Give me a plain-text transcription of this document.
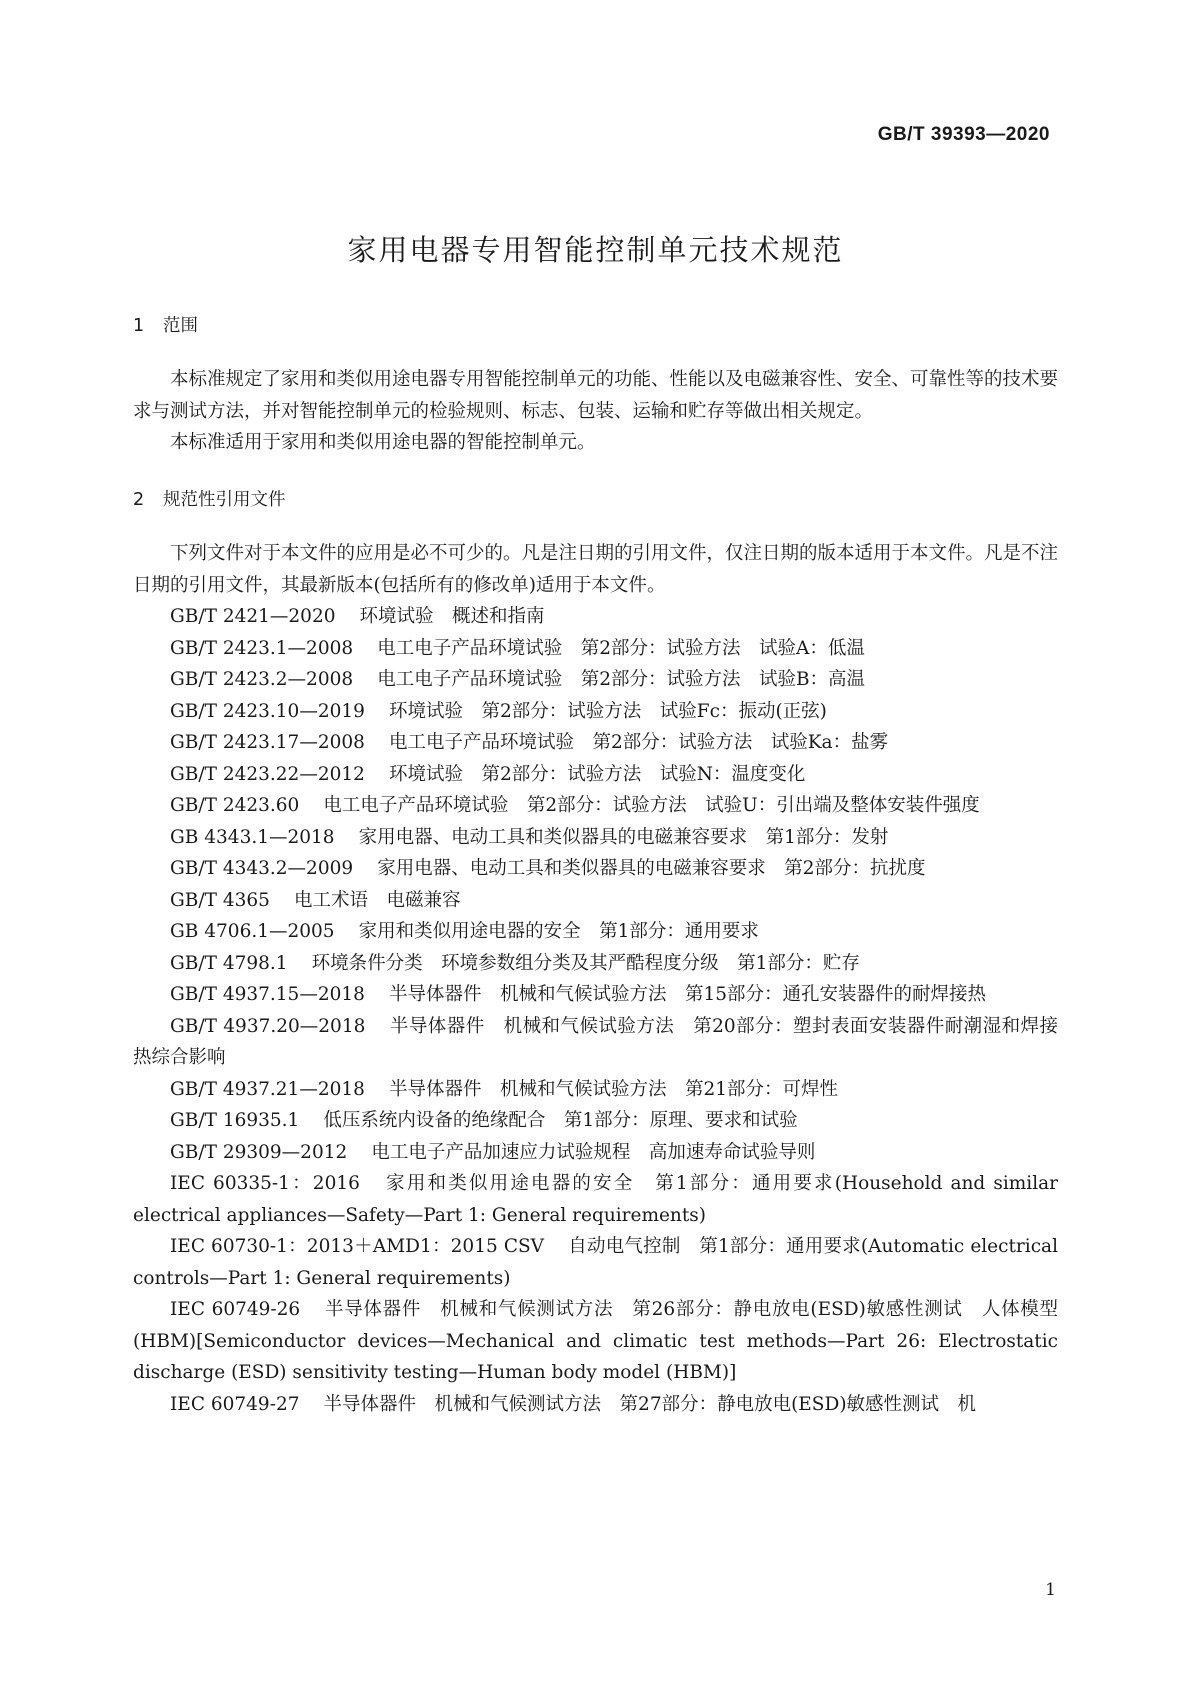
GB/T 39393—2020
家用电器专用智能控制单元技术规范
1 范围

本标准规定了家用和类似用途电器专用智能控制单元的功能、性能以及电磁兼容性、安全、可靠性等的技术要求与测试方法，并对智能控制单元的检验规则、标志、包装、运输和贮存等做出相关规定。

本标准适用于家用和类似用途电器的智能控制单元。

2 规范性引用文件

下列文件对于本文件的应用是必不可少的。凡是注日期的引用文件，仅注日期的版本适用于本文件。凡是不注日期的引用文件，其最新版本(包括所有的修改单)适用于本文件。

GB/T 2421—2020 环境试验　概述和指南
GB/T 2423.1—2008 电工电子产品环境试验　第2部分：试验方法　试验A：低温
GB/T 2423.2—2008 电工电子产品环境试验　第2部分：试验方法　试验B：高温
GB/T 2423.10—2019 环境试验　第2部分：试验方法　试验Fc：振动(正弦)
GB/T 2423.17—2008 电工电子产品环境试验　第2部分：试验方法　试验Ka：盐雾
GB/T 2423.22—2012 环境试验　第2部分：试验方法　试验N：温度变化
GB/T 2423.60 电工电子产品环境试验　第2部分：试验方法　试验U：引出端及整体安装件强度
GB 4343.1—2018 家用电器、电动工具和类似器具的电磁兼容要求　第1部分：发射
GB/T 4343.2—2009 家用电器、电动工具和类似器具的电磁兼容要求　第2部分：抗扰度
GB/T 4365 电工术语　电磁兼容
GB 4706.1—2005 家用和类似用途电器的安全　第1部分：通用要求
GB/T 4798.1 环境条件分类　环境参数组分类及其严酷程度分级　第1部分：贮存
GB/T 4937.15—2018 半导体器件　机械和气候试验方法　第15部分：通孔安装器件的耐焊接热
GB/T 4937.20—2018 半导体器件　机械和气候试验方法　第20部分：塑封表面安装器件耐潮湿和焊接热综合影响
GB/T 4937.21—2018 半导体器件　机械和气候试验方法　第21部分：可焊性
GB/T 16935.1 低压系统内设备的绝缘配合　第1部分：原理、要求和试验
GB/T 29309—2012 电工电子产品加速应力试验规程　高加速寿命试验导则
IEC 60335-1：2016 家用和类似用途电器的安全　第1部分：通用要求(Household and similar electrical appliances—Safety—Part 1: General requirements)
IEC 60730-1：2013＋AMD1：2015 CSV 自动电气控制　第1部分：通用要求(Automatic electrical controls—Part 1: General requirements)
IEC 60749-26 半导体器件　机械和气候测试方法　第26部分：静电放电(ESD)敏感性测试　人体模型(HBM)[Semiconductor devices—Mechanical and climatic test methods—Part 26: Electrostatic discharge (ESD) sensitivity testing—Human body model (HBM)]
IEC 60749-27 半导体器件　机械和气候测试方法　第27部分：静电放电(ESD)敏感性测试　机
1
